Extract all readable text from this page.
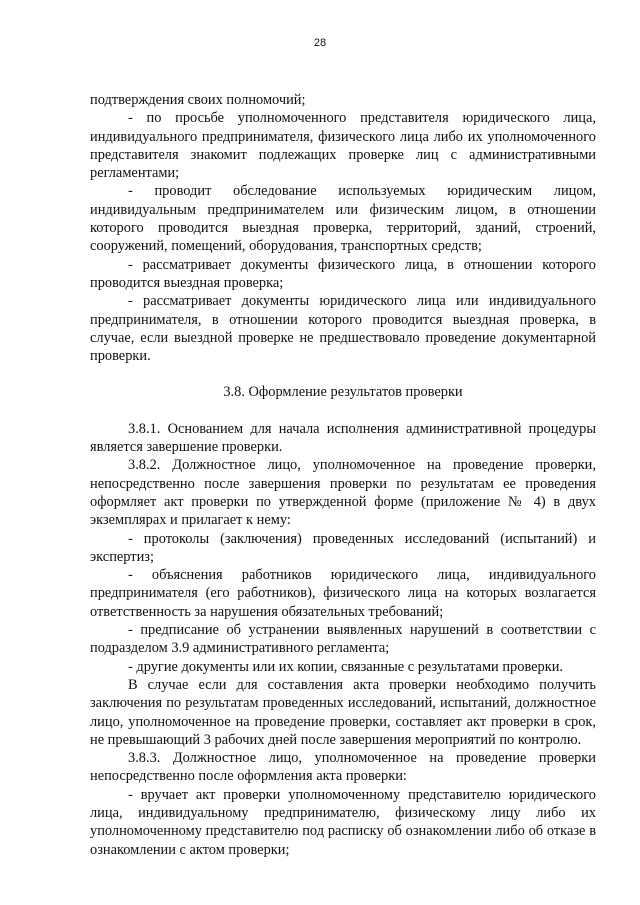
28

подтверждения своих полномочий;

- по просьбе уполномоченного представителя юридического лица, индивидуального предпринимателя, физического лица либо их уполномоченного представителя знакомит подлежащих проверке лиц с административными регламентами;

- проводит обследование используемых юридическим лицом, индивидуальным предпринимателем или физическим лицом, в отношении которого проводится выездная проверка, территорий, зданий, строений, сооружений, помещений, оборудования, транспортных средств;

- рассматривает документы физического лица, в отношении которого проводится выездная проверка;

- рассматривает документы юридического лица или индивидуального предпринимателя, в отношении которого проводится выездная проверка, в случае, если выездной проверке не предшествовало проведение документарной проверки.

3.8. Оформление результатов проверки

3.8.1. Основанием для начала исполнения административной процедуры является завершение проверки.

3.8.2. Должностное лицо, уполномоченное на проведение проверки, непосредственно после завершения проверки по результатам ее проведения оформляет акт проверки по утвержденной форме (приложение № 4) в двух экземплярах и прилагает к нему:

- протоколы (заключения) проведенных исследований (испытаний) и экспертиз;

- объяснения работников юридического лица, индивидуального предпринимателя (его работников), физического лица на которых возлагается ответственность за нарушения обязательных требований;

- предписание об устранении выявленных нарушений в соответствии с подразделом 3.9 административного регламента;

- другие документы или их копии, связанные с результатами проверки.

В случае если для составления акта проверки необходимо получить заключения по результатам проведенных исследований, испытаний, должностное лицо, уполномоченное на проведение проверки, составляет акт проверки в срок, не превышающий 3 рабочих дней после завершения мероприятий по контролю.

3.8.3. Должностное лицо, уполномоченное на проведение проверки непосредственно после оформления акта проверки:

- вручает акт проверки уполномоченному представителю юридического лица, индивидуальному предпринимателю, физическому лицу либо их уполномоченному представителю под расписку об ознакомлении либо об отказе в ознакомлении с актом проверки;
